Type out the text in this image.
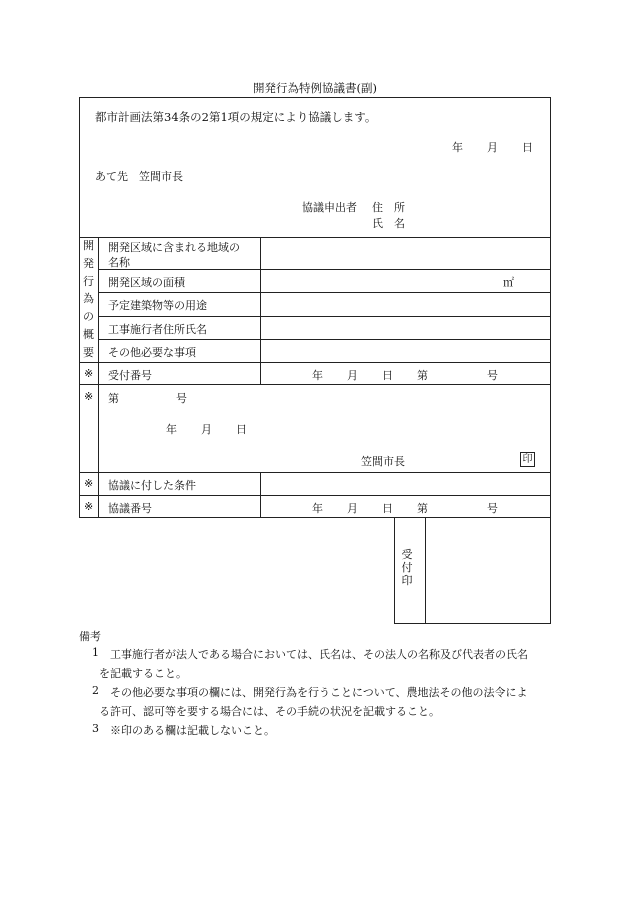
開発行為特例協議書(副)
都市計画法第34条の2第1項の規定により協議します。
年 月 日
あて先　笠間市長
協議申出者 住　所
氏　名
開
発
行
為
の
概
要
開発区域に含まれる地域の
名称
開発区域の面積	㎡
予定建築物等の用途
工事施行者住所氏名
その他必要な事項
※ 受付番号	年 月 日 第	号
※ 第	号
年 月 日
笠間市長	印
※ 協議に付した条件
※ 協議番号	年 月 日 第	号
受
付
印
備考
1 工事施行者が法人である場合においては、氏名は、その法人の名称及び代表者の氏名
を記載すること。
2 その他必要な事項の欄には、開発行為を行うことについて、農地法その他の法令によ
る許可、認可等を要する場合には、その手続の状況を記載すること。
3 ※印のある欄は記載しないこと。
